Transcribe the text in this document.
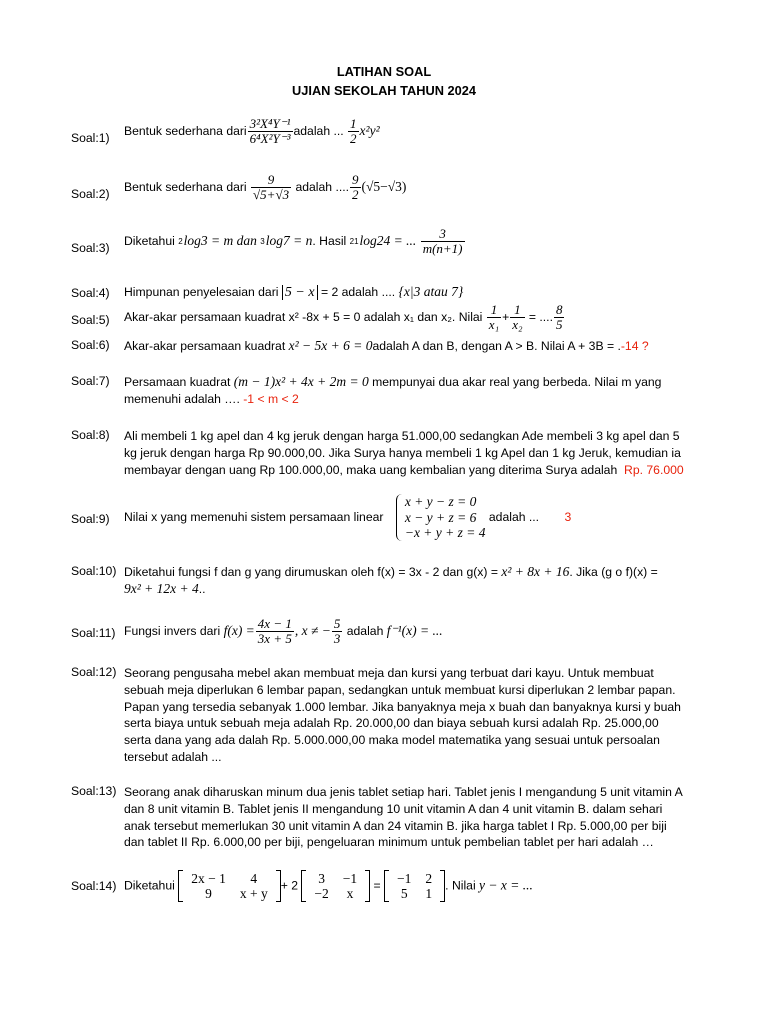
LATIHAN SOAL
UJIAN SEKOLAH TAHUN 2024
Soal:1) Bentuk sederhana dari $\frac{\text{3²X⁴Y⁻¹}}{\text{6⁴X²Y⁻³}}$ adalah ... $\frac{1}{2} x^2y^2$
Soal:2) Bentuk sederhana dari $\frac{9}{√5+√3}$ adalah .... $\frac{9}{2} (√5-√3)$
Soal:3) Diketahui 2log3 = m dan 3log7 = n. Hasil 21log24 = ... $\frac{3}{m(n+1)}$
Soal:4) Himpunan penyelesaian dari 5 − x = 2 adalah .... {x|3 atau 7}
Soal:5) Akar-akar persamaan kuadrat x² -8x + 5 = 0 adalah x₁ dan x₂. Nilai $\frac{1}{\text{x₁}} + \frac{1}{\text{x₂}}$ = .... $\frac{8}{5}$
Soal:6) Akar-akar persamaan kuadrat x² − 5x + 6 = 0adalah A dan B, dengan A > B. Nilai A + 3B = .-14 ?
Soal:7) Persamaan kuadrat (m − 1)x² + 4x + 2m = 0 mempunyai dua akar real yang berbeda. Nilai m yang
memenuhi adalah …. -1 < m < 2
Soal:8) Ali membeli 1 kg apel dan 4 kg jeruk dengan harga 51.000,00 sedangkan Ade membeli 3 kg apel dan 5
kg jeruk dengan harga Rp 90.000,00. Jika Surya hanya membeli 1 kg Apel dan 1 kg Jeruk, kemudian ia
membayar dengan uang Rp 100.000,00, maka uang kembalian yang diterima Surya adalah Rp. 76.000
Soal:9) Nilai x yang memenuhi sistem persamaan linear
x + y − z = 0
x − y + z = 6
−x + y + z = 4
adalah ... 3
Soal:10) Diketahui fungsi f dan g yang dirumuskan oleh f(x) = 3x - 2 dan g(x) = x² + 8x + 16. Jika (g o f)(x) =
9x² + 12x + 4..
Soal:11) Fungsi invers dari $f(x) = \frac{4x - 1}{3x + 5}$ , x ≠ − $\frac{5}{3}$ adalah f⁻¹(x) = ...
Soal:12) Seorang pengusaha mebel akan membuat meja dan kursi yang terbuat dari kayu. Untuk membuat
sebuah meja diperlukan 6 lembar papan, sedangkan untuk membuat kursi diperlukan 2 lembar papan.
Papan yang tersedia sebanyak 1.000 lembar. Jika banyaknya meja x buah dan banyaknya kursi y buah
serta biaya untuk sebuah meja adalah Rp. 20.000,00 dan biaya sebuah kursi adalah Rp. 25.000,00
serta dana yang ada dalah Rp. 5.000.000,00 maka model matematika yang sesuai untuk persoalan
tersebut adalah ...
Soal:13) Seorang anak diharuskan minum dua jenis tablet setiap hari. Tablet jenis I mengandung 5 unit vitamin A
dan 8 unit vitamin B. Tablet jenis II mengandung 10 unit vitamin A dan 4 unit vitamin B. dalam sehari
anak tersebut memerlukan 30 unit vitamin A dan 24 vitamin B. jika harga tablet I Rp. 5.000,00 per biji
dan tablet II Rp. 6.000,00 per biji, pengeluaran minimum untuk pembelian tablet per hari adalah …
Soal:14) Diketahui 2x − 1	4
9	x + y
+ 2 3	−1
−2	x
= −1	2
5	1
. Nilai y − x = ...
